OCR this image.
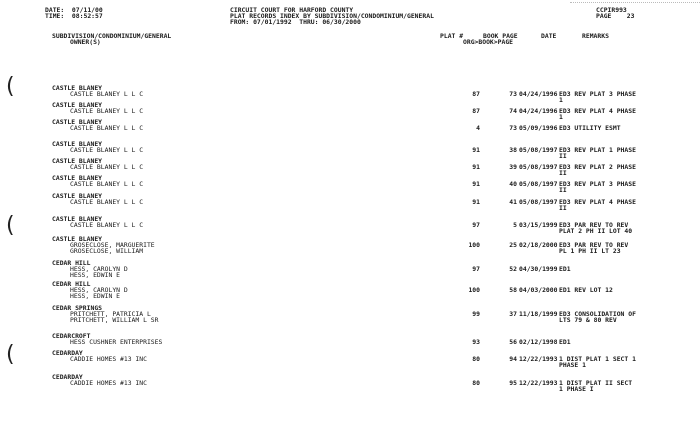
(
(
(
DATE:  07/11/00
TIME:  08:52:57
CIRCUIT COURT FOR HARFORD COUNTY
PLAT RECORDS INDEX BY SUBDIVISION/CONDOMINIUM/GENERAL
FROM: 07/01/1992  THRU: 06/30/2000
CCPIR993
PAGE    23
SUBDIVISION/CONDOMINIUM/GENERAL
OWNER(S)
PLAT #	BOOK PAGE
ORG>BOOK>PAGE
DATE	REMARKS
CASTLE BLANEY
CASTLE BLANEY L L C	87	73 04/24/1996 ED3 REV PLAT 3 PHASE
1
CASTLE BLANEY
CASTLE BLANEY L L C	87	74 04/24/1996 ED3 REV PLAT 4 PHASE
1
CASTLE BLANEY
CASTLE BLANEY L L C	4	73 05/09/1996 ED3 UTILITY ESMT
CASTLE BLANEY
CASTLE BLANEY L L C	91	38 05/08/1997 ED3 REV PLAT 1 PHASE
II
CASTLE BLANEY
CASTLE BLANEY L L C	91	39 05/08/1997 ED3 REV PLAT 2 PHASE
II
CASTLE BLANEY
CASTLE BLANEY L L C	91	40 05/08/1997 ED3 REV PLAT 3 PHASE
II
CASTLE BLANEY
CASTLE BLANEY L L C	91	41 05/08/1997 ED3 REV PLAT 4 PHASE
II
CASTLE BLANEY
CASTLE BLANEY L L C	97	5 03/15/1999 ED3 PAR REV TO REV
PLAT 2 PH II LOT 40
CASTLE BLANEY
GROSECLOSE, MARGUERITE
GROSECLOSE, WILLIAM
100	25 02/18/2000 ED3 PAR REV TO REV
PL 1 PH II LT 23
CEDAR HILL
HESS, CAROLYN D
HESS, EDWIN E
97	52 04/30/1999 ED1
CEDAR HILL
HESS, CAROLYN D
HESS, EDWIN E
100	58 04/03/2000 ED1 REV LOT 12
CEDAR SPRINGS
PRITCHETT, PATRICIA L
PRITCHETT, WILLIAM L SR
99	37 11/18/1999 ED3 CONSOLIDATION OF
LTS 79 & 80 REV
CEDARCROFT
HESS CUSHNER ENTERPRISES	93	56 02/12/1998 ED1
CEDARDAY
CADDIE HOMES #13 INC	80	94 12/22/1993 1 DIST PLAT 1 SECT 1
PHASE 1
CEDARDAY
CADDIE HOMES #13 INC	80	95 12/22/1993 1 DIST PLAT II SECT
1 PHASE I
